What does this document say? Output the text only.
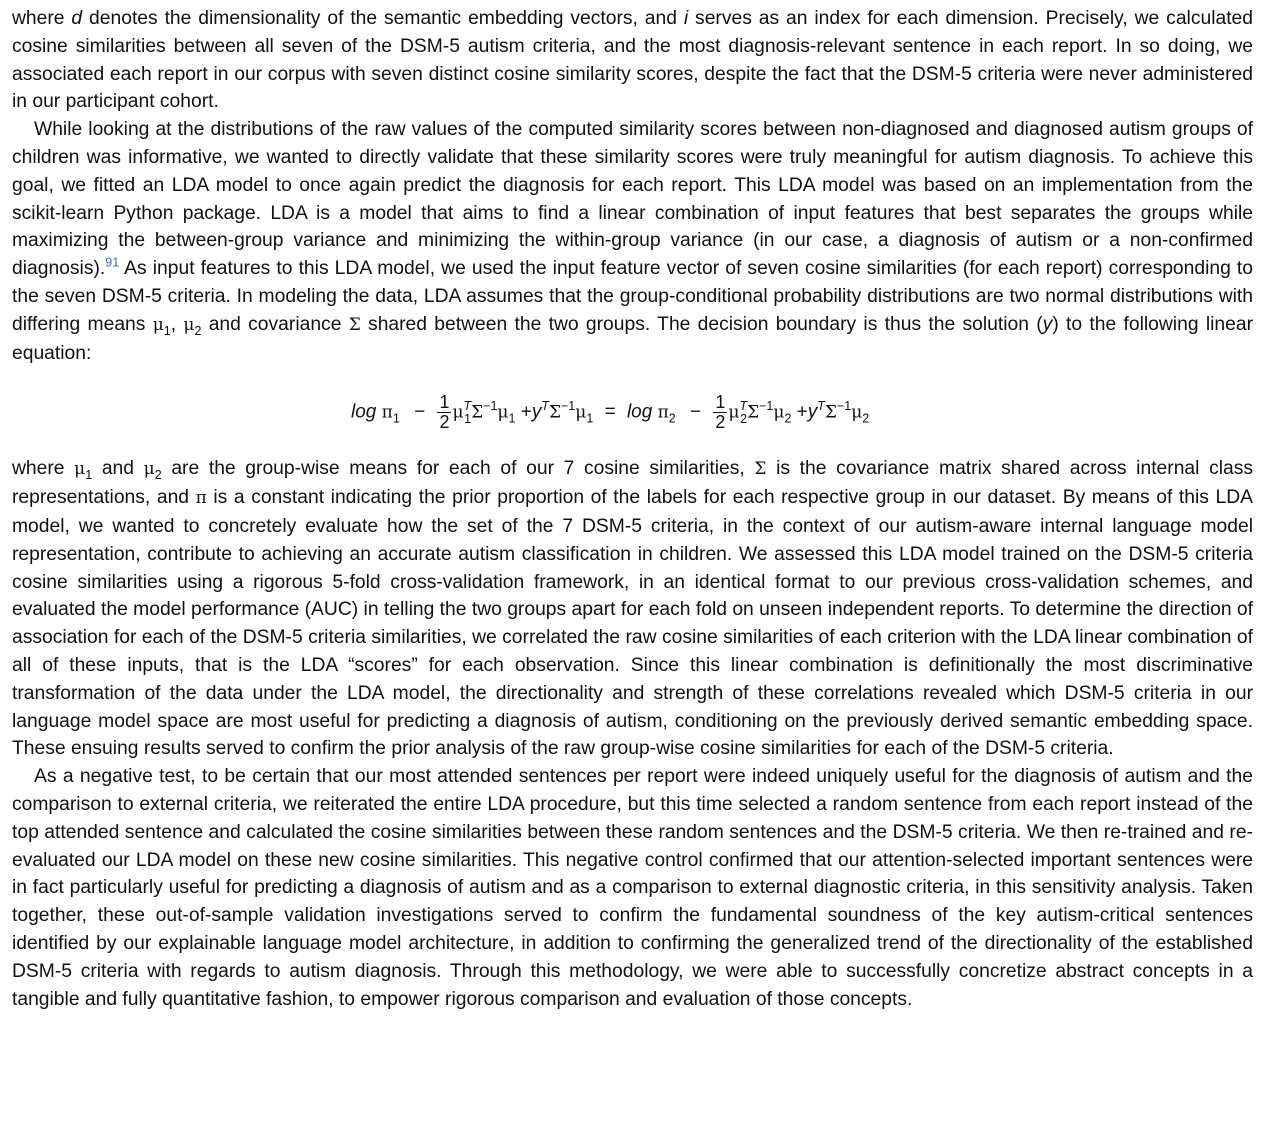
where d denotes the dimensionality of the semantic embedding vectors, and i serves as an index for each dimension. Precisely, we calculated cosine similarities between all seven of the DSM-5 autism criteria, and the most diagnosis-relevant sentence in each report. In so doing, we associated each report in our corpus with seven distinct cosine similarity scores, despite the fact that the DSM-5 criteria were never administered in our participant cohort.

While looking at the distributions of the raw values of the computed similarity scores between non-diagnosed and diagnosed autism groups of children was informative, we wanted to directly validate that these similarity scores were truly meaningful for autism diagnosis. To achieve this goal, we fitted an LDA model to once again predict the diagnosis for each report. This LDA model was based on an implementation from the scikit-learn Python package. LDA is a model that aims to find a linear combination of input features that best separates the groups while maximizing the between-group variance and minimizing the within-group variance (in our case, a diagnosis of autism or a non-confirmed diagnosis).$^{91}$ As input features to this LDA model, we used the input feature vector of seven cosine similarities (for each report) corresponding to the seven DSM-5 criteria. In modeling the data, LDA assumes that the group-conditional probability distributions are two normal distributions with differing means $\mu_1$, $\mu_2$ and covariance Σ shared between the two groups. The decision boundary is thus the solution (y) to the following linear equation:

$\log \pi_1 - \frac{1}{2} \mu^T_1\Sigma^{-1}\mu_1 +y^T\Sigma^{-1}\mu_1 = \log \pi_2 - \frac{1}{2} \mu^T_2\Sigma^{-1}\mu_2 +y^T\Sigma^{-1}\mu_2$

where $\mu_1$ and $\mu_2$ are the group-wise means for each of our 7 cosine similarities, Σ is the covariance matrix shared across internal class representations, and π is a constant indicating the prior proportion of the labels for each respective group in our dataset. By means of this LDA model, we wanted to concretely evaluate how the set of the 7 DSM-5 criteria, in the context of our autism-aware internal language model representation, contribute to achieving an accurate autism classification in children. We assessed this LDA model trained on the DSM-5 criteria cosine similarities using a rigorous 5-fold cross-validation framework, in an identical format to our previous cross-validation schemes, and evaluated the model performance (AUC) in telling the two groups apart for each fold on unseen independent reports. To determine the direction of association for each of the DSM-5 criteria similarities, we correlated the raw cosine similarities of each criterion with the LDA linear combination of all of these inputs, that is the LDA “scores” for each observation. Since this linear combination is definitionally the most discriminative transformation of the data under the LDA model, the directionality and strength of these correlations revealed which DSM-5 criteria in our language model space are most useful for predicting a diagnosis of autism, conditioning on the previously derived semantic embedding space. These ensuing results served to confirm the prior analysis of the raw group-wise cosine similarities for each of the DSM-5 criteria.

As a negative test, to be certain that our most attended sentences per report were indeed uniquely useful for the diagnosis of autism and the comparison to external criteria, we reiterated the entire LDA procedure, but this time selected a random sentence from each report instead of the top attended sentence and calculated the cosine similarities between these random sentences and the DSM-5 criteria. We then re-trained and re-evaluated our LDA model on these new cosine similarities. This negative control confirmed that our attention-selected important sentences were in fact particularly useful for predicting a diagnosis of autism and as a comparison to external diagnostic criteria, in this sensitivity analysis. Taken together, these out-of-sample validation investigations served to confirm the fundamental soundness of the key autism-critical sentences identified by our explainable language model architecture, in addition to confirming the generalized trend of the directionality of the established DSM-5 criteria with regards to autism diagnosis. Through this methodology, we were able to successfully concretize abstract concepts in a tangible and fully quantitative fashion, to empower rigorous comparison and evaluation of those concepts.
